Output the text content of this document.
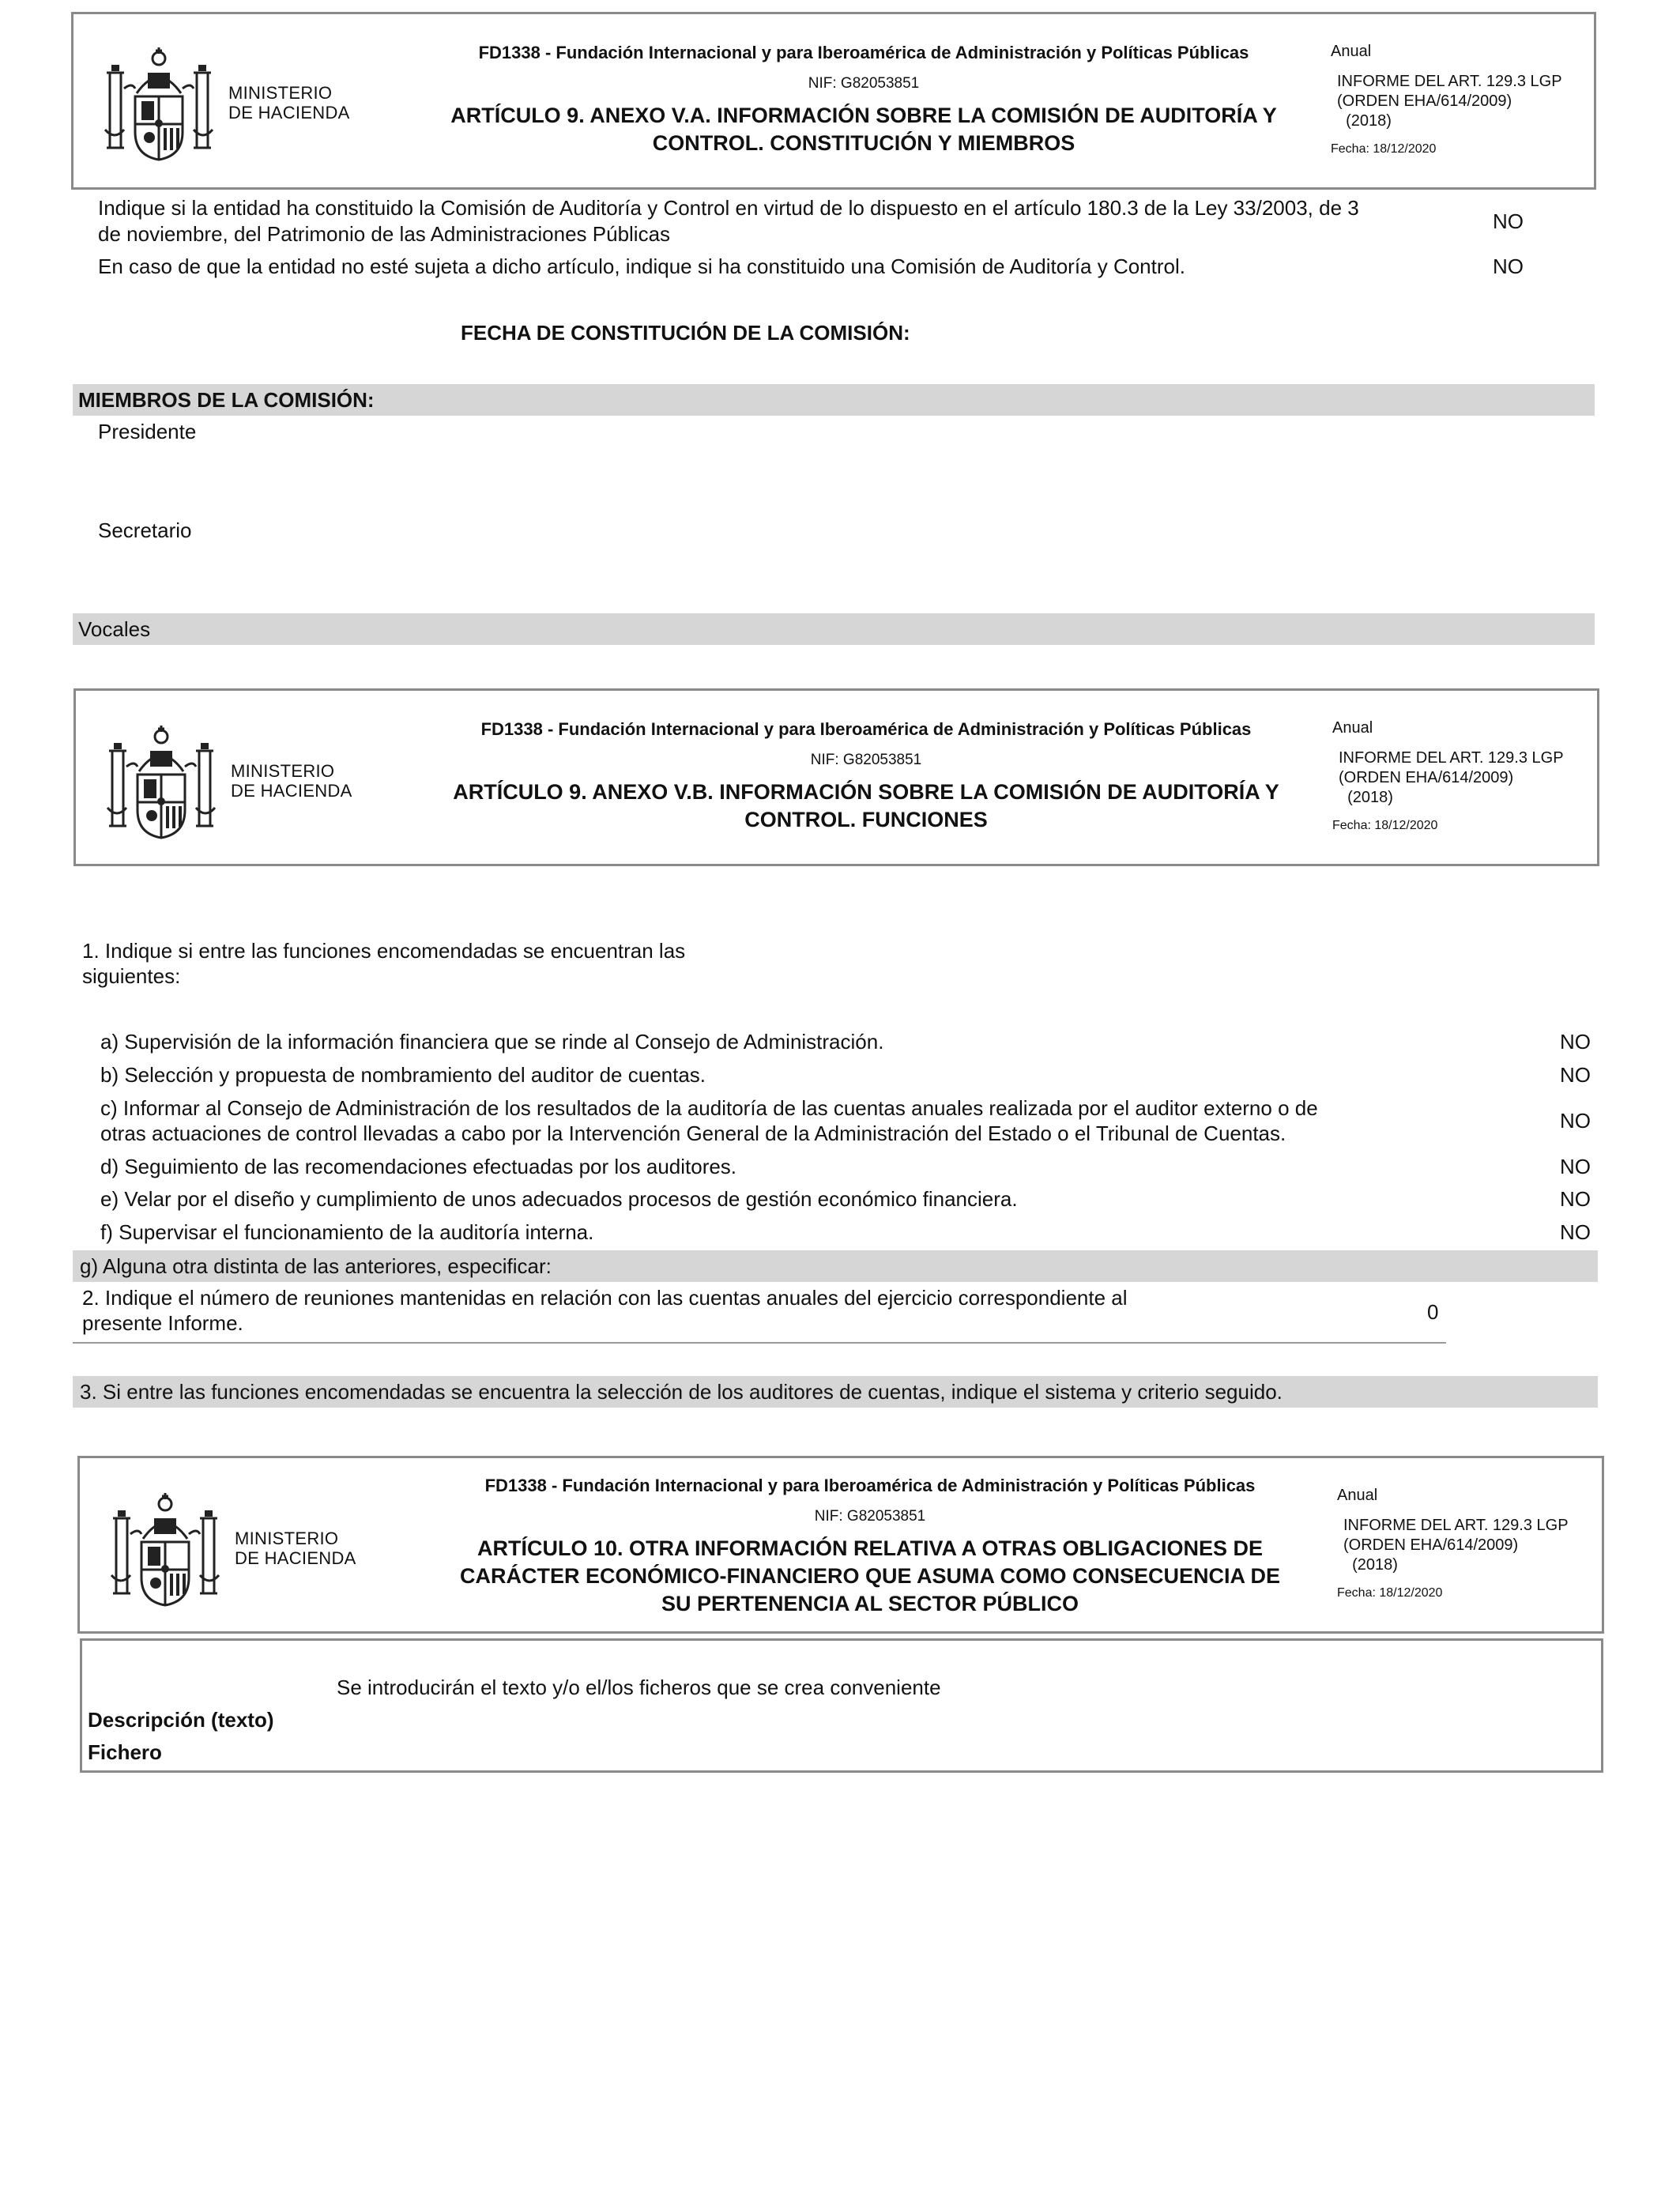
MINISTERIO
DE HACIENDA
FD1338 - Fundación Internacional y para Iberoamérica de Administración y Políticas Públicas
NIF: G82053851
ARTÍCULO 9. ANEXO V.A. INFORMACIÓN SOBRE LA COMISIÓN DE AUDITORÍA Y CONTROL. CONSTITUCIÓN Y MIEMBROS
Anual
INFORME DEL ART. 129.3 LGP
(ORDEN EHA/614/2009)
(2018)
Fecha: 18/12/2020
Indique si la entidad ha constituido la Comisión de Auditoría y Control en virtud de lo dispuesto en el artículo 180.3 de la Ley 33/2003, de 3
de noviembre, del Patrimonio de las Administraciones Públicas
NO
En caso de que la entidad no esté sujeta a dicho artículo, indique si ha constituido una Comisión de Auditoría y Control.	NO
FECHA DE CONSTITUCIÓN DE LA COMISIÓN:
MIEMBROS DE LA COMISIÓN:
Presidente
Secretario
Vocales
MINISTERIO
DE HACIENDA
FD1338 - Fundación Internacional y para Iberoamérica de Administración y Políticas Públicas
NIF: G82053851
ARTÍCULO 9. ANEXO V.B. INFORMACIÓN SOBRE LA COMISIÓN DE AUDITORÍA Y CONTROL. FUNCIONES
Anual
INFORME DEL ART. 129.3 LGP
(ORDEN EHA/614/2009)
(2018)
Fecha: 18/12/2020
1. Indique si entre las funciones encomendadas se encuentran las
siguientes:
a) Supervisión de la información financiera que se rinde al Consejo de Administración.	NO
b) Selección y propuesta de nombramiento del auditor de cuentas.	NO
c) Informar al Consejo de Administración de los resultados de la auditoría de las cuentas anuales realizada por el auditor externo o de
otras actuaciones de control llevadas a cabo por la Intervención General de la Administración del Estado o el Tribunal de Cuentas.
NO
d) Seguimiento de las recomendaciones efectuadas por los auditores.	NO
e) Velar por el diseño y cumplimiento de unos adecuados procesos de gestión económico financiera.	NO
f) Supervisar el funcionamiento de la auditoría interna.	NO
g) Alguna otra distinta de las anteriores, especificar:
2. Indique el número de reuniones mantenidas en relación con las cuentas anuales del ejercicio correspondiente al
presente Informe.	0
3. Si entre las funciones encomendadas se encuentra la selección de los auditores de cuentas, indique el sistema y criterio seguido.
MINISTERIO
DE HACIENDA
FD1338 - Fundación Internacional y para Iberoamérica de Administración y Políticas Públicas
NIF: G82053851
ARTÍCULO 10. OTRA INFORMACIÓN RELATIVA A OTRAS OBLIGACIONES DE CARÁCTER ECONÓMICO-FINANCIERO QUE ASUMA COMO CONSECUENCIA DE SU PERTENENCIA AL SECTOR PÚBLICO
Anual
INFORME DEL ART. 129.3 LGP
(ORDEN EHA/614/2009)
(2018)
Fecha: 18/12/2020
Se introducirán el texto y/o el/los ficheros que se crea conveniente
Descripción (texto)
Fichero
